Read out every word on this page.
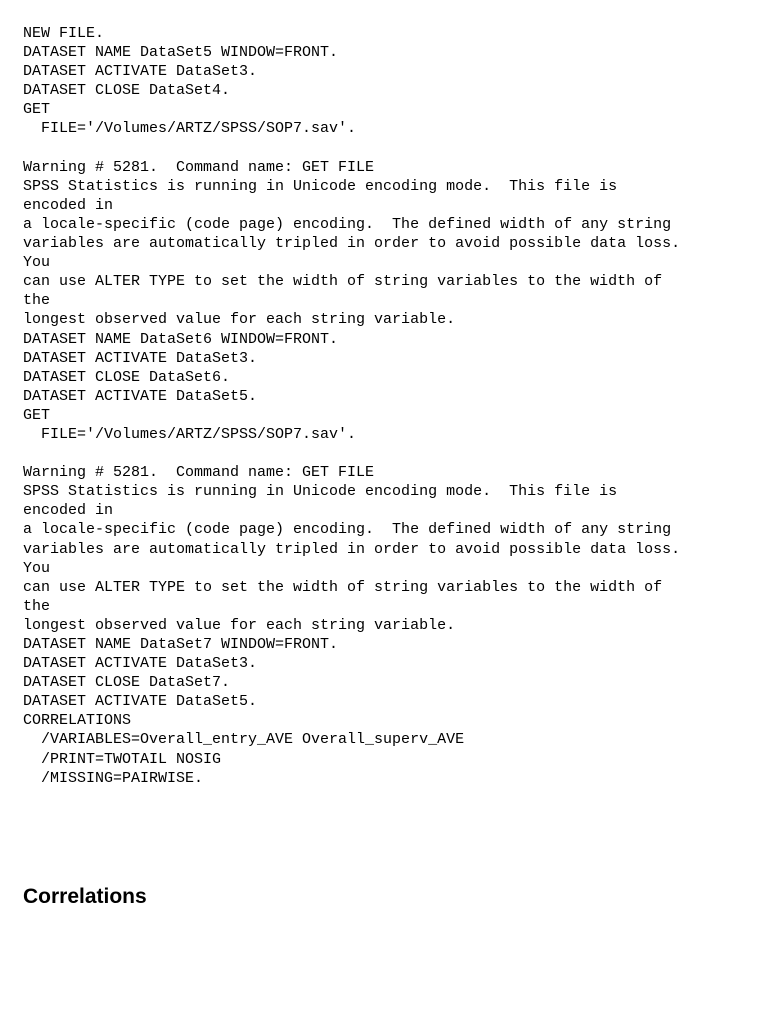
NEW FILE.
DATASET NAME DataSet5 WINDOW=FRONT.
DATASET ACTIVATE DataSet3.
DATASET CLOSE DataSet4.
GET
FILE='/Volumes/ARTZ/SPSS/SOP7.sav'.
Warning # 5281.  Command name: GET FILE
SPSS Statistics is running in Unicode encoding mode.  This file is
encoded in
a locale-specific (code page) encoding.  The defined width of any string
variables are automatically tripled in order to avoid possible data loss.
You
can use ALTER TYPE to set the width of string variables to the width of
the
longest observed value for each string variable.
DATASET NAME DataSet6 WINDOW=FRONT.
DATASET ACTIVATE DataSet3.
DATASET CLOSE DataSet6.
DATASET ACTIVATE DataSet5.
GET
FILE='/Volumes/ARTZ/SPSS/SOP7.sav'.
Warning # 5281.  Command name: GET FILE
SPSS Statistics is running in Unicode encoding mode.  This file is
encoded in
a locale-specific (code page) encoding.  The defined width of any string
variables are automatically tripled in order to avoid possible data loss.
You
can use ALTER TYPE to set the width of string variables to the width of
the
longest observed value for each string variable.
DATASET NAME DataSet7 WINDOW=FRONT.
DATASET ACTIVATE DataSet3.
DATASET CLOSE DataSet7.
DATASET ACTIVATE DataSet5.
CORRELATIONS
/VARIABLES=Overall_entry_AVE Overall_superv_AVE
/PRINT=TWOTAIL NOSIG
/MISSING=PAIRWISE.
Correlations
